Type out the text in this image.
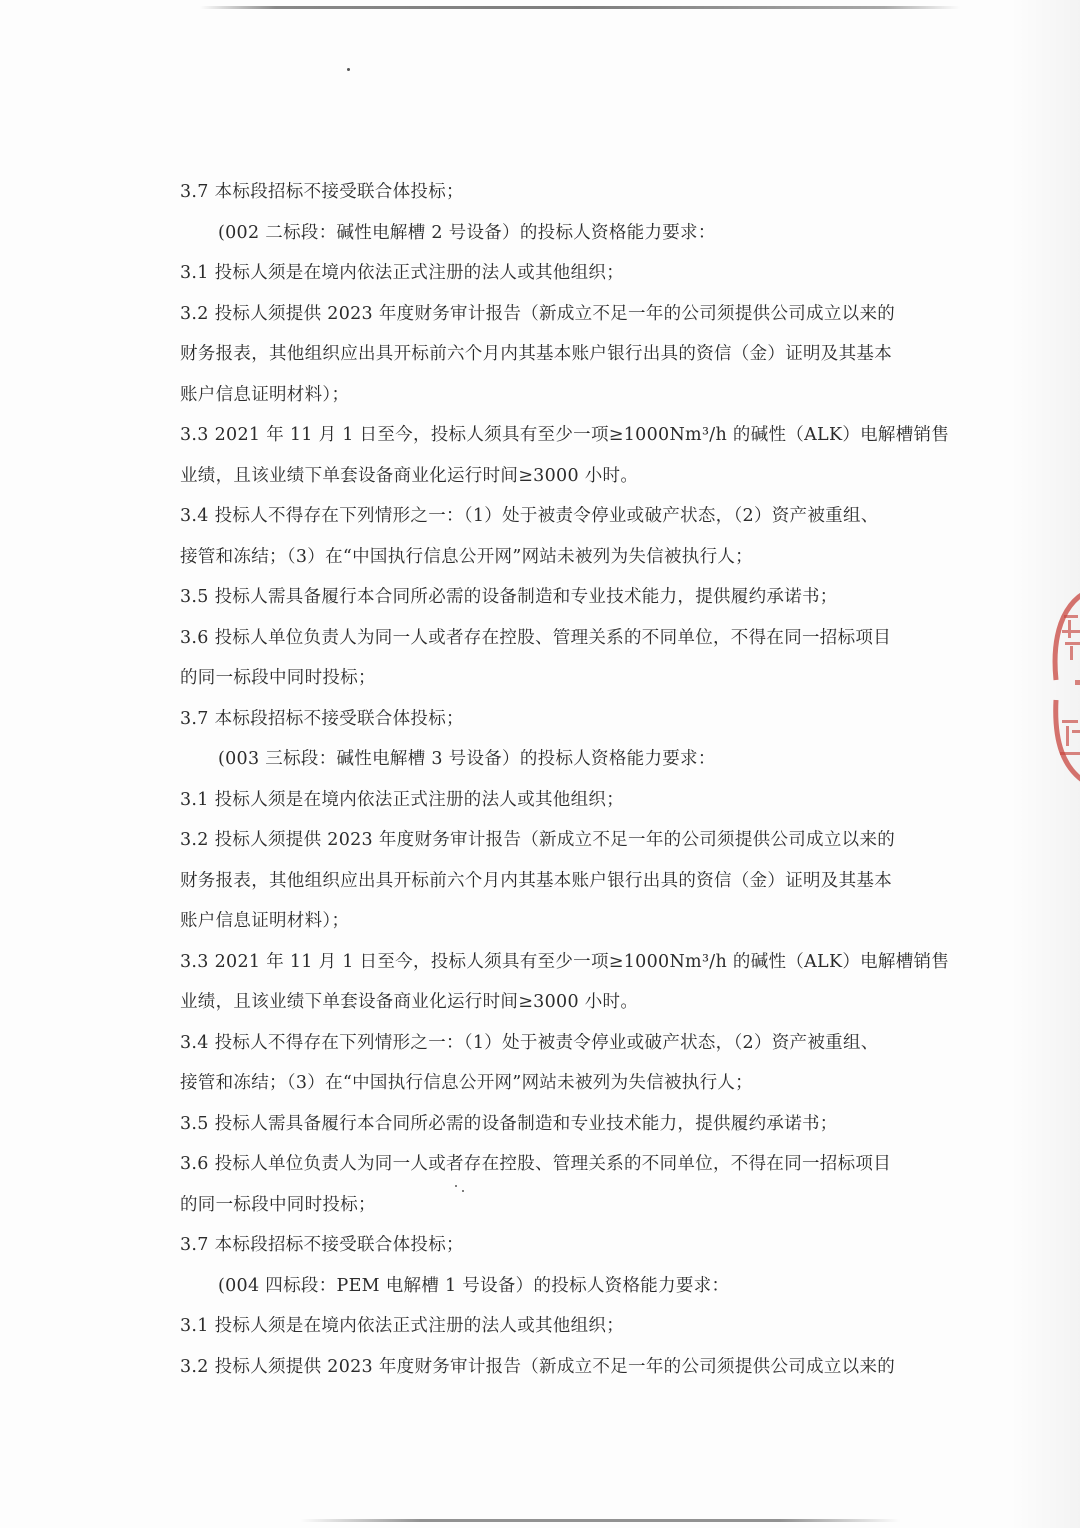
3.7 本标段招标不接受联合体投标；
(002 二标段：碱性电解槽 2 号设备）的投标人资格能力要求：
3.1 投标人须是在境内依法正式注册的法人或其他组织；
3.2 投标人须提供 2023 年度财务审计报告（新成立不足一年的公司须提供公司成立以来的
财务报表，其他组织应出具开标前六个月内其基本账户银行出具的资信（金）证明及其基本
账户信息证明材料）；
3.3 2021 年 11 月 1 日至今，投标人须具有至少一项≥1000Nm³/h 的碱性（ALK）电解槽销售
业绩，且该业绩下单套设备商业化运行时间≥3000 小时。
3.4 投标人不得存在下列情形之一：（1）处于被责令停业或破产状态，（2）资产被重组、
接管和冻结；（3）在“中国执行信息公开网”网站未被列为失信被执行人；
3.5 投标人需具备履行本合同所必需的设备制造和专业技术能力，提供履约承诺书；
3.6 投标人单位负责人为同一人或者存在控股、管理关系的不同单位，不得在同一招标项目
的同一标段中同时投标；
3.7 本标段招标不接受联合体投标；
(003 三标段：碱性电解槽 3 号设备）的投标人资格能力要求：
3.1 投标人须是在境内依法正式注册的法人或其他组织；
3.2 投标人须提供 2023 年度财务审计报告（新成立不足一年的公司须提供公司成立以来的
财务报表，其他组织应出具开标前六个月内其基本账户银行出具的资信（金）证明及其基本
账户信息证明材料）；
3.3 2021 年 11 月 1 日至今，投标人须具有至少一项≥1000Nm³/h 的碱性（ALK）电解槽销售
业绩，且该业绩下单套设备商业化运行时间≥3000 小时。
3.4 投标人不得存在下列情形之一：（1）处于被责令停业或破产状态，（2）资产被重组、
接管和冻结；（3）在“中国执行信息公开网”网站未被列为失信被执行人；
3.5 投标人需具备履行本合同所必需的设备制造和专业技术能力，提供履约承诺书；
3.6 投标人单位负责人为同一人或者存在控股、管理关系的不同单位，不得在同一招标项目
的同一标段中同时投标；
3.7 本标段招标不接受联合体投标；
(004 四标段：PEM 电解槽 1 号设备）的投标人资格能力要求：
3.1 投标人须是在境内依法正式注册的法人或其他组织；
3.2 投标人须提供 2023 年度财务审计报告（新成立不足一年的公司须提供公司成立以来的
